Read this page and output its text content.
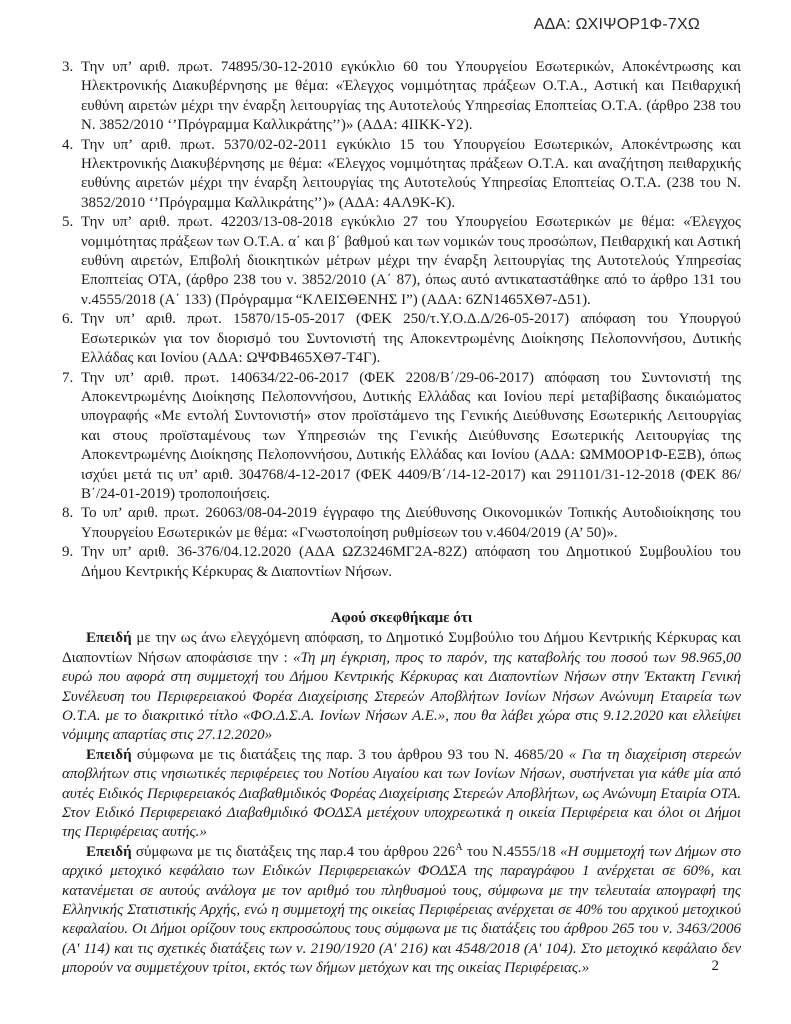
ΑΔΑ: ΩΧΙΨΟΡ1Φ-7ΧΩ
3. Την υπ’ αριθ. πρωτ. 74895/30-12-2010 εγκύκλιο 60 του Υπουργείου Εσωτερικών, Αποκέντρωσης και Ηλεκτρονικής Διακυβέρνησης με θέμα: «Έλεγχος νομιμότητας πράξεων Ο.Τ.Α., Αστική και Πειθαρχική ευθύνη αιρετών μέχρι την έναρξη λειτουργίας της Αυτοτελούς Υπηρεσίας Εποπτείας Ο.Τ.Α. (άρθρο 238 του Ν. 3852/2010 ‘’Πρόγραμμα Καλλικράτης’’)» (ΑΔΑ: 4ΙΙΚΚ-Υ2).
4. Την υπ’ αριθ. πρωτ. 5370/02-02-2011 εγκύκλιο 15 του Υπουργείου Εσωτερικών, Αποκέντρωσης και Ηλεκτρονικής Διακυβέρνησης με θέμα: «Έλεγχος νομιμότητας πράξεων Ο.Τ.Α. και αναζήτηση πειθαρχικής ευθύνης αιρετών μέχρι την έναρξη λειτουργίας της Αυτοτελούς Υπηρεσίας Εποπτείας Ο.Τ.Α. (238 του Ν. 3852/2010 ‘’Πρόγραμμα Καλλικράτης’’)» (ΑΔΑ: 4ΑΛ9Κ-Κ).
5. Την υπ’ αριθ. πρωτ. 42203/13-08-2018 εγκύκλιο 27 του Υπουργείου Εσωτερικών με θέμα: «Έλεγχος νομιμότητας πράξεων των Ο.Τ.Α. α΄ και β΄ βαθμού και των νομικών τους προσώπων, Πειθαρχική και Αστική ευθύνη αιρετών, Επιβολή διοικητικών μέτρων μέχρι την έναρξη λειτουργίας της Αυτοτελούς Υπηρεσίας Εποπτείας ΟΤΑ, (άρθρο 238 του ν. 3852/2010 (Α΄ 87), όπως αυτό αντικαταστάθηκε από το άρθρο 131 του ν.4555/2018 (Α΄ 133) (Πρόγραμμα “ΚΛΕΙΣΘΕΝΗΣ Ι”) (ΑΔΑ: 6ΖΝ1465ΧΘ7-Δ51).
6. Την υπ’ αριθ. πρωτ. 15870/15-05-2017 (ΦΕΚ 250/τ.Υ.Ο.Δ.Δ/26-05-2017) απόφαση του Υπουργού Εσωτερικών για τον διορισμό του Συντονιστή της Αποκεντρωμένης Διοίκησης Πελοποννήσου, Δυτικής Ελλάδας και Ιονίου (ΑΔΑ: ΩΨΦΒ465ΧΘ7-Τ4Γ).
7. Την υπ’ αριθ. πρωτ. 140634/22-06-2017 (ΦΕΚ 2208/Β΄/29-06-2017) απόφαση του Συντονιστή της Αποκεντρωμένης Διοίκησης Πελοποννήσου, Δυτικής Ελλάδας και Ιονίου περί μεταβίβασης δικαιώματος υπογραφής «Με εντολή Συντονιστή» στον προϊστάμενο της Γενικής Διεύθυνσης Εσωτερικής Λειτουργίας και στους προϊσταμένους των Υπηρεσιών της Γενικής Διεύθυνσης Εσωτερικής Λειτουργίας της Αποκεντρωμένης Διοίκησης Πελοποννήσου, Δυτικής Ελλάδας και Ιονίου (ΑΔΑ: ΩΜΜ0ΟΡ1Φ-ΕΞΒ), όπως ισχύει μετά τις υπ’ αριθ. 304768/4-12-2017 (ΦΕΚ 4409/Β΄/14-12-2017) και 291101/31-12-2018 (ΦΕΚ 86/Β΄/24-01-2019) τροποποιήσεις.
8. Το υπ’ αριθ. πρωτ. 26063/08-04-2019 έγγραφο της Διεύθυνσης Οικονομικών Τοπικής Αυτοδιοίκησης του Υπουργείου Εσωτερικών με θέμα: «Γνωστοποίηση ρυθμίσεων του ν.4604/2019 (Α’ 50)».
9. Την υπ’ αριθ. 36-376/04.12.2020 (ΑΔΑ ΩΖ3246ΜΓ2Α-82Ζ) απόφαση του Δημοτικού Συμβουλίου του Δήμου Κεντρικής Κέρκυρας & Διαποντίων Νήσων.
Αφού σκεφθήκαμε ότι

Επειδή με την ως άνω ελεγχόμενη απόφαση, το Δημοτικό Συμβούλιο του Δήμου Κεντρικής Κέρκυρας και Διαποντίων Νήσων αποφάσισε την : «Τη μη έγκριση, προς το παρόν, της καταβολής του ποσού των 98.965,00 ευρώ που αφορά στη συμμετοχή του Δήμου Κεντρικής Κέρκυρας και Διαποντίων Νήσων στην Έκτακτη Γενική Συνέλευση του Περιφερειακού Φορέα Διαχείρισης Στερεών Αποβλήτων Ιονίων Νήσων Ανώνυμη Εταιρεία των Ο.Τ.Α. με το διακριτικό τίτλο «ΦΟ.Δ.Σ.Α. Ιονίων Νήσων Α.Ε.», που θα λάβει χώρα στις 9.12.2020 και ελλείψει νόμιμης απαρτίας στις 27.12.2020»

Επειδή σύμφωνα με τις διατάξεις της παρ. 3 του άρθρου 93 του Ν. 4685/20 « Για τη διαχείριση στερεών αποβλήτων στις νησιωτικές περιφέρειες του Νοτίου Αιγαίου και των Ιονίων Νήσων, συστήνεται για κάθε μία από αυτές Ειδικός Περιφερειακός Διαβαθμιδικός Φορέας Διαχείρισης Στερεών Αποβλήτων, ως Ανώνυμη Εταιρία ΟΤΑ. Στον Ειδικό Περιφερειακό Διαβαθμιδικό ΦΟΔΣΑ μετέχουν υποχρεωτικά η οικεία Περιφέρεια και όλοι οι Δήμοι της Περιφέρειας αυτής.»

Επειδή σύμφωνα με τις διατάξεις της παρ.4 του άρθρου $226^A$ του Ν.4555/18 «Η συμμετοχή των Δήμων στο αρχικό μετοχικό κεφάλαιο των Ειδικών Περιφερειακών ΦΟΔΣΑ της παραγράφου 1 ανέρχεται σε 60%, και κατανέμεται σε αυτούς ανάλογα με τον αριθμό του πληθυσμού τους, σύμφωνα με την τελευταία απογραφή της Ελληνικής Στατιστικής Αρχής, ενώ η συμμετοχή της οικείας Περιφέρειας ανέρχεται σε 40% του αρχικού μετοχικού κεφαλαίου. Οι Δήμοι ορίζουν τους εκπροσώπους τους σύμφωνα με τις διατάξεις του άρθρου 265 του ν. 3463/2006 (Α' 114) και τις σχετικές διατάξεις των ν. 2190/1920 (Α' 216) και 4548/2018 (Α' 104). Στο μετοχικό κεφάλαιο δεν μπορούν να συμμετέχουν τρίτοι, εκτός των δήμων μετόχων και της οικείας Περιφέρειας.»	2
